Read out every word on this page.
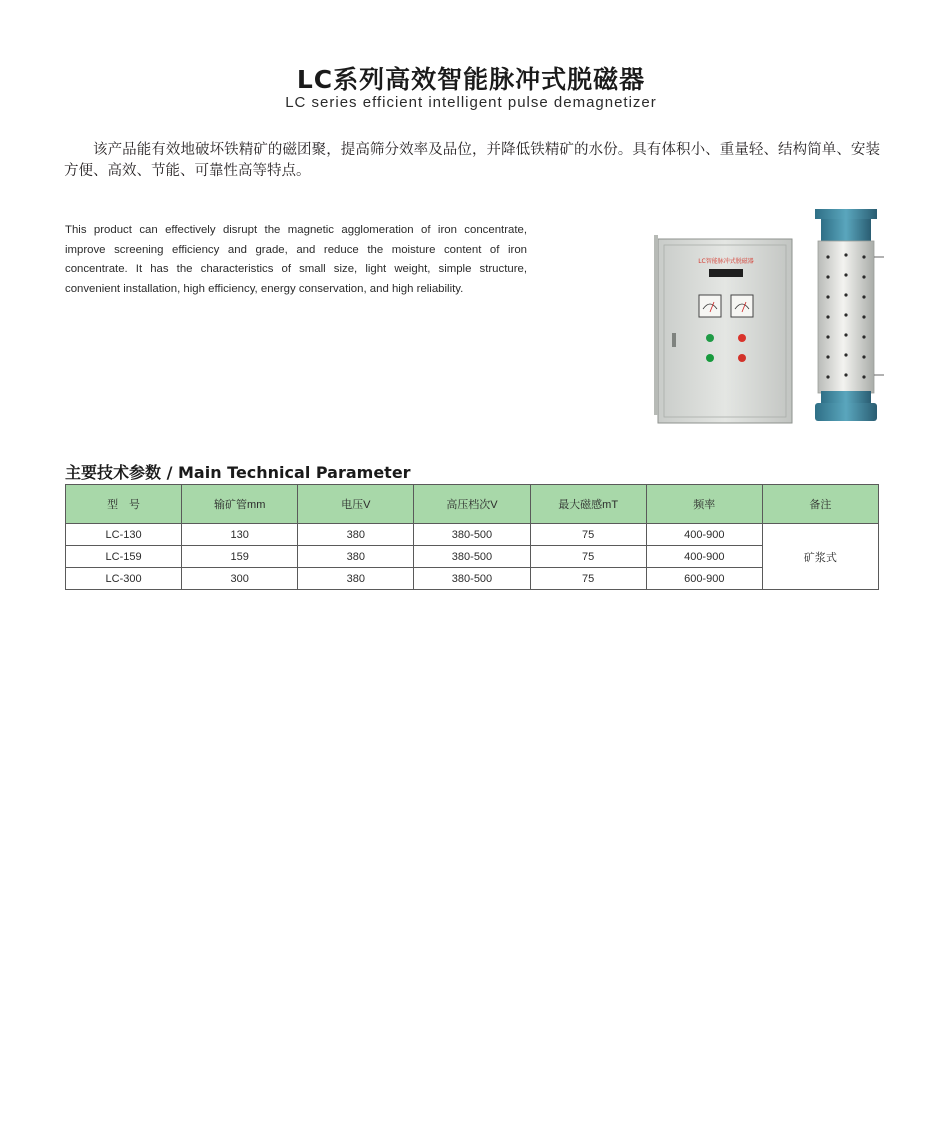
LC系列高效智能脉冲式脱磁器
LC series efficient intelligent pulse demagnetizer

该产品能有效地破坏铁精矿的磁团聚，提高筛分效率及品位，并降低铁精矿的水份。具有体积小、重量轻、结构简单、安装方便、高效、节能、可靠性高等特点。

This product can effectively disrupt the magnetic agglomeration of iron concentrate, improve screening efficiency and grade, and reduce the moisture content of iron concentrate. It has the characteristics of small size, light weight, simple structure, convenient installation, high efficiency, energy conservation, and high reliability.

LC智能脉冲式脱磁器
主要技术参数 / Main Technical Parameter
型　号	输矿管mm	电压V	高压档次V	最大磁感mT	频率	备注
LC-130	130	380	380-500	75	400-900	矿浆式
LC-159	159	380	380-500	75	400-900	
LC-300	300	380	380-500	75	600-900	
